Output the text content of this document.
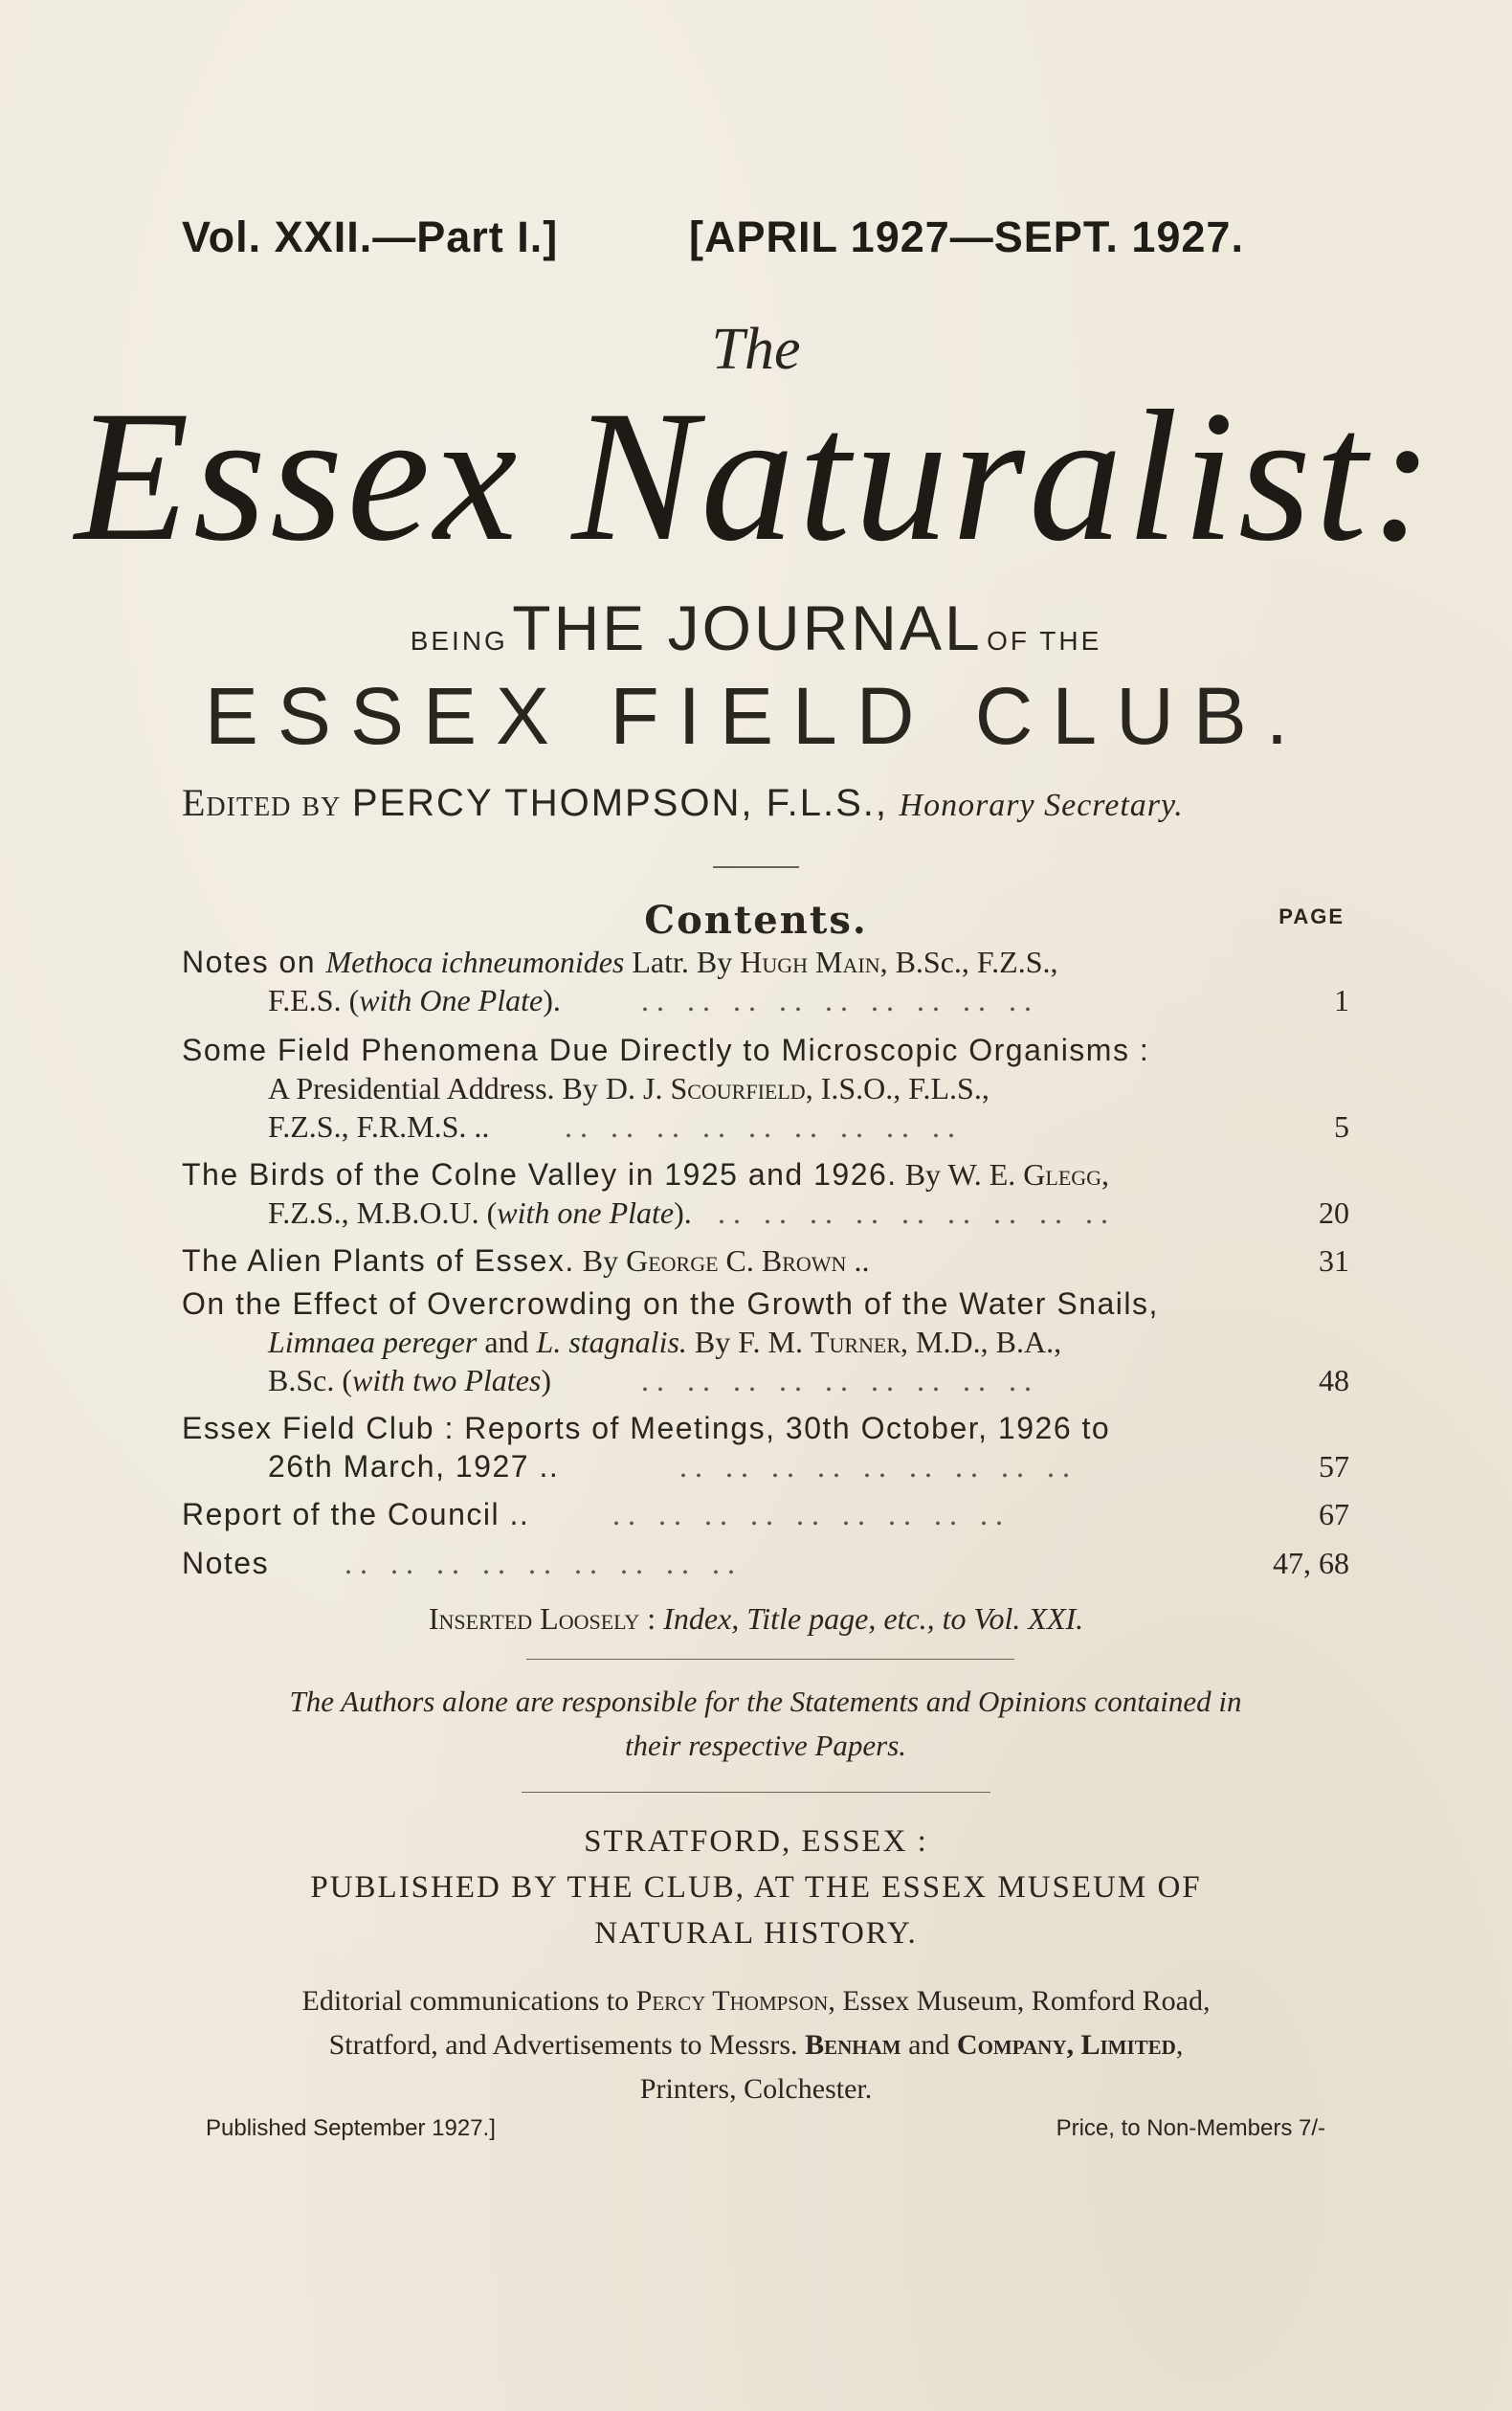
Vol. XXII.—Part I.]	[APRIL 1927—SEPT. 1927.
The
Essex Naturalist:
BEING THE JOURNAL OF THE
ESSEX FIELD CLUB.
Edited by PERCY THOMPSON, F.L.S., Honorary Secretary.
Contents.	PAGE
Notes on Methoca ichneumonides Latr. By Hugh Main, B.Sc., F.Z.S.,
F.E.S. (with One Plate).	.. .. .. .. .. .. .. .. ..	1
Some Field Phenomena Due Directly to Microscopic Organisms :
A Presidential Address. By D. J. Scourfield, I.S.O., F.L.S.,
F.Z.S., F.R.M.S. .. .. .. .. .. .. .. .. .. ..	5
The Birds of the Colne Valley in 1925 and 1926. By W. E. Glegg,
F.Z.S., M.B.O.U. (with one Plate). .. .. .. .. .. .. .. .. ..	20
The Alien Plants of Essex. By George C. Brown ..	31
On the Effect of Overcrowding on the Growth of the Water Snails,
Limnaea pereger and L. stagnalis. By F. M. Turner, M.D., B.A.,
B.Sc. (with two Plates)	.. .. .. .. .. .. .. .. ..	48
Essex Field Club : Reports of Meetings, 30th October, 1926 to
26th March, 1927 ..	.. .. .. .. .. .. .. .. ..	57
Report of the Council ..	.. .. .. .. .. .. .. .. ..	67
Notes .. .. .. .. .. .. .. .. ..	47, 68
Inserted Loosely : Index, Title page, etc., to Vol. XXI.
The Authors alone are responsible for the Statements and Opinions contained in
their respective Papers.
STRATFORD, ESSEX :
PUBLISHED BY THE CLUB, AT THE ESSEX MUSEUM OF
NATURAL HISTORY.
Editorial communications to Percy Thompson, Essex Museum, Romford Road,
Stratford, and Advertisements to Messrs. Benham and Company, Limited,
Printers, Colchester.
Published September 1927.]	Price, to Non-Members 7/-
